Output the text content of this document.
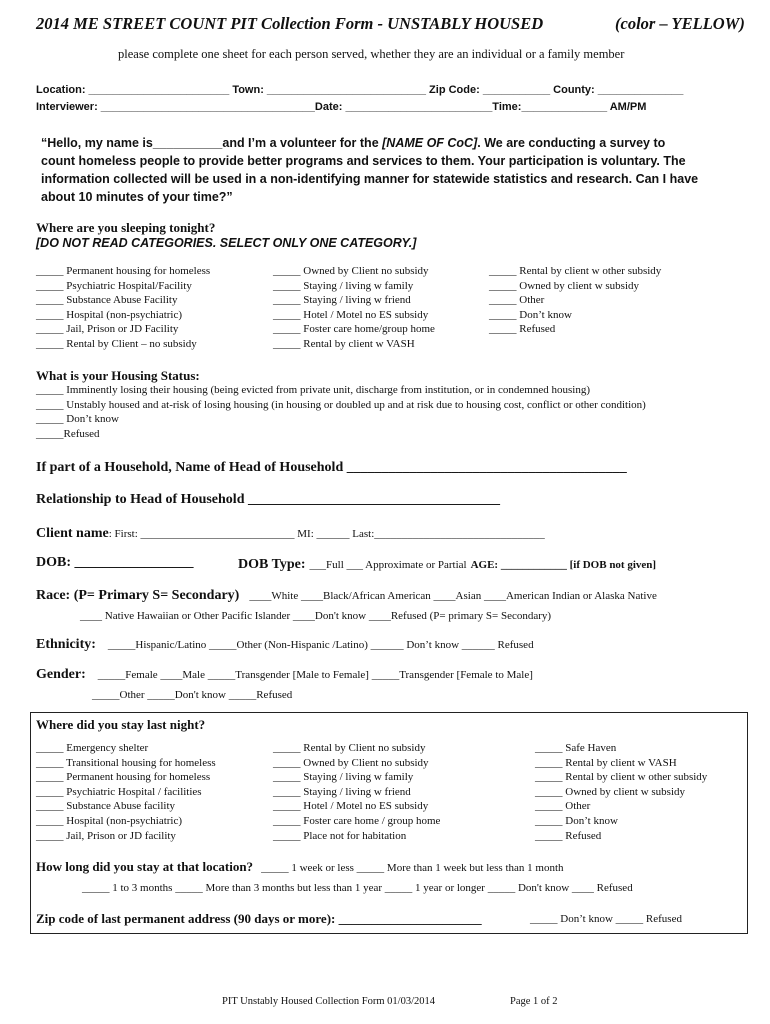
2014 ME STREET COUNT PIT Collection Form - UNSTABLY HOUSED	(color – YELLOW)
please complete one sheet for each person served, whether they are an individual or a family member
Location: _______________________ Town: __________________________ Zip Code: ___________ County: ______________
Interviewer: ___________________________________Date: ________________________Time:______________ AM/PM
“Hello, my name is__________and I’m a volunteer for the [NAME OF CoC]. We are conducting a survey to count homeless people to provide better programs and services to them. Your participation is voluntary. The information collected will be used in a non-identifying manner for statewide statistics and research. Can I have about 10 minutes of your time?”
Where are you sleeping tonight?
[DO NOT READ CATEGORIES. SELECT ONLY ONE CATEGORY.]
_____ Permanent housing for homeless
_____ Psychiatric Hospital/Facility
_____ Substance Abuse Facility
_____ Hospital (non-psychiatric)
_____ Jail, Prison or JD Facility
_____ Rental by Client – no subsidy
_____ Owned by Client no subsidy
_____ Staying / living w family
_____ Staying / living w friend
_____ Hotel / Motel no ES subsidy
_____ Foster care home/group home
_____ Rental by client w VASH
_____ Rental by client w other subsidy
_____ Owned by client w subsidy
_____ Other
_____ Don’t know
_____ Refused
What is your Housing Status:
_____ Imminently losing their housing (being evicted from private unit, discharge from institution, or in condemned housing)
_____ Unstably housed and at-risk of losing housing (in housing or doubled up and at risk due to housing cost, conflict or other condition)
_____ Don’t know
_____Refused
If part of a Household, Name of Head of Household ________________________________________
Relationship to Head of Household ____________________________________
Client name: First: ____________________________ MI: ______ Last:_______________________________
DOB: _________________	DOB Type: ___Full ___ Approximate or Partial AGE: ____________ [if DOB not given]
Race: (P= Primary S= Secondary) ____White ____Black/African American ____Asian ____American Indian or Alaska Native
____ Native Hawaiian or Other Pacific Islander ____Don't know ____Refused (P= primary S= Secondary)
Ethnicity: _____Hispanic/Latino _____Other (Non-Hispanic /Latino) ______ Don’t know ______ Refused
Gender: _____Female ____Male _____Transgender [Male to Female] _____Transgender [Female to Male]
_____Other _____Don't know _____Refused
Where did you stay last night?
_____ Emergency shelter
_____ Transitional housing for homeless
_____ Permanent housing for homeless
_____ Psychiatric Hospital / facilities
_____ Substance Abuse facility
_____ Hospital (non-psychiatric)
_____ Jail, Prison or JD facility
_____ Rental by Client no subsidy
_____ Owned by Client no subsidy
_____ Staying / living w family
_____ Staying / living w friend
_____ Hotel / Motel no ES subsidy
_____ Foster care home / group home
_____ Place not for habitation
_____ Safe Haven
_____ Rental by client w VASH
_____ Rental by client w other subsidy
_____ Owned by client w subsidy
_____ Other
_____ Don’t know
_____ Refused
How long did you stay at that location? _____ 1 week or less _____ More than 1 week but less than 1 month
_____ 1 to 3 months _____ More than 3 months but less than 1 year _____ 1 year or longer _____ Don't know ____ Refused
Zip code of last permanent address (90 days or more): ______________________	_____ Don’t know _____ Refused
PIT Unstably Housed Collection Form 01/03/2014	Page 1 of 2
